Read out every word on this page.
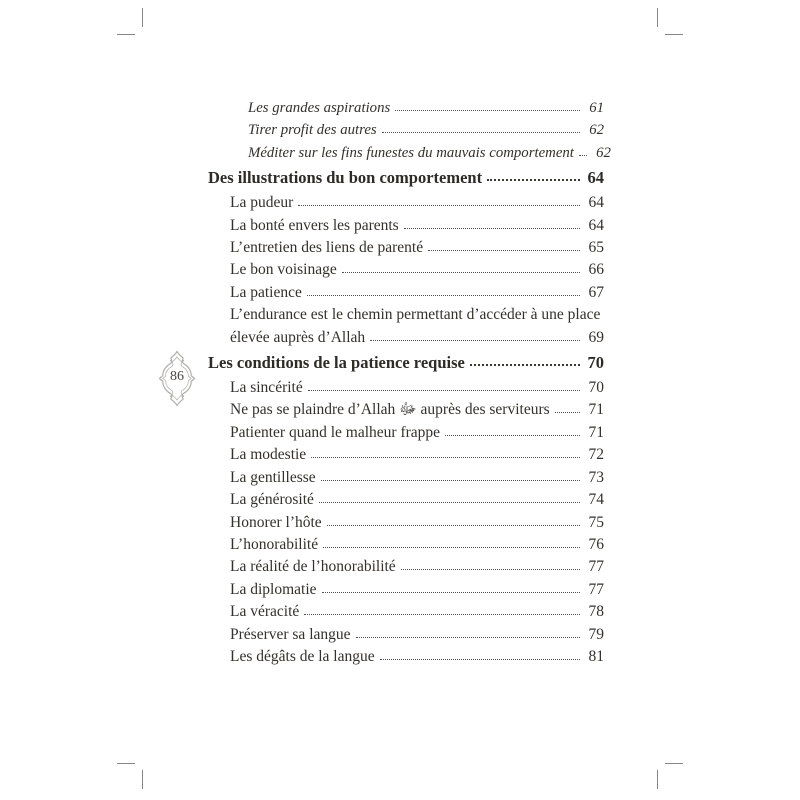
86
Les grandes aspirations	61
Tirer profit des autres	62
Méditer sur les fins funestes du mauvais comportement	62
Des illustrations du bon comportement	64
La pudeur	64
La bonté envers les parents	64
L’entretien des liens de parenté	65
Le bon voisinage	66
La patience	67
L’endurance est le chemin permettant d’accéder à une place
élevée auprès d’Allah	69
Les conditions de la patience requise	70
La sincérité	70
Ne pas se plaindre d’Allah ﷻ auprès des serviteurs	71
Patienter quand le malheur frappe	71
La modestie	72
La gentillesse	73
La générosité	74
Honorer l’hôte	75
L’honorabilité	76
La réalité de l’honorabilité	77
La diplomatie	77
La véracité	78
Préserver sa langue	79
Les dégâts de la langue	81
